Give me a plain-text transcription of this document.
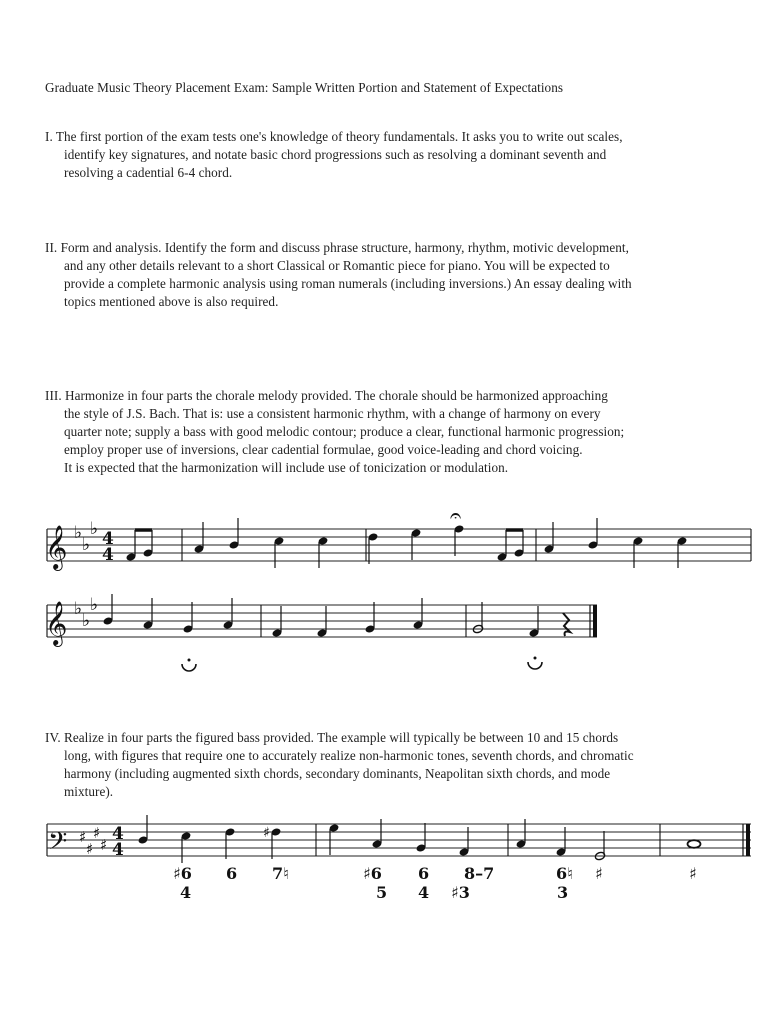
Graduate Music Theory Placement Exam: Sample Written Portion and Statement of Expectations
I. The first portion of the exam tests one's knowledge of theory fundamentals. It asks you to write out scales,
identify key signatures, and notate basic chord progressions such as resolving a dominant seventh and
resolving a cadential 6-4 chord.
II. Form and analysis. Identify the form and discuss phrase structure, harmony, rhythm, motivic development,
and any other details relevant to a short Classical or Romantic piece for piano. You will be expected to
provide a complete harmonic analysis using roman numerals (including inversions.) An essay dealing with
topics mentioned above is also required.
III. Harmonize in four parts the chorale melody provided. The chorale should be harmonized approaching
the style of J.S. Bach. That is: use a consistent harmonic rhythm, with a change of harmony on every
quarter note; supply a bass with good melodic contour; produce a clear, functional harmonic progression;
employ proper use of inversions, clear cadential formulae, good voice-leading and chord voicing.
It is expected that the harmonization will include use of tonicization or modulation.
𝄞 ♭
♭
♭ 4
4
𝄐
𝄞 ♭
♭
♭
IV. Realize in four parts the figured bass provided. The example will typically be between 10 and 15 chords
long, with figures that require one to accurately realize non-harmonic tones, seventh chords, and chromatic
harmony (including augmented sixth chords, secondary dominants, Neapolitan sixth chords, and mode
mixture).
𝄢 ♯
♯
♯
♯
4
4
♯
♯6
4
6 7♮	♯6
5
6
4
8–7
♯3
6♮
3
♯	♯
